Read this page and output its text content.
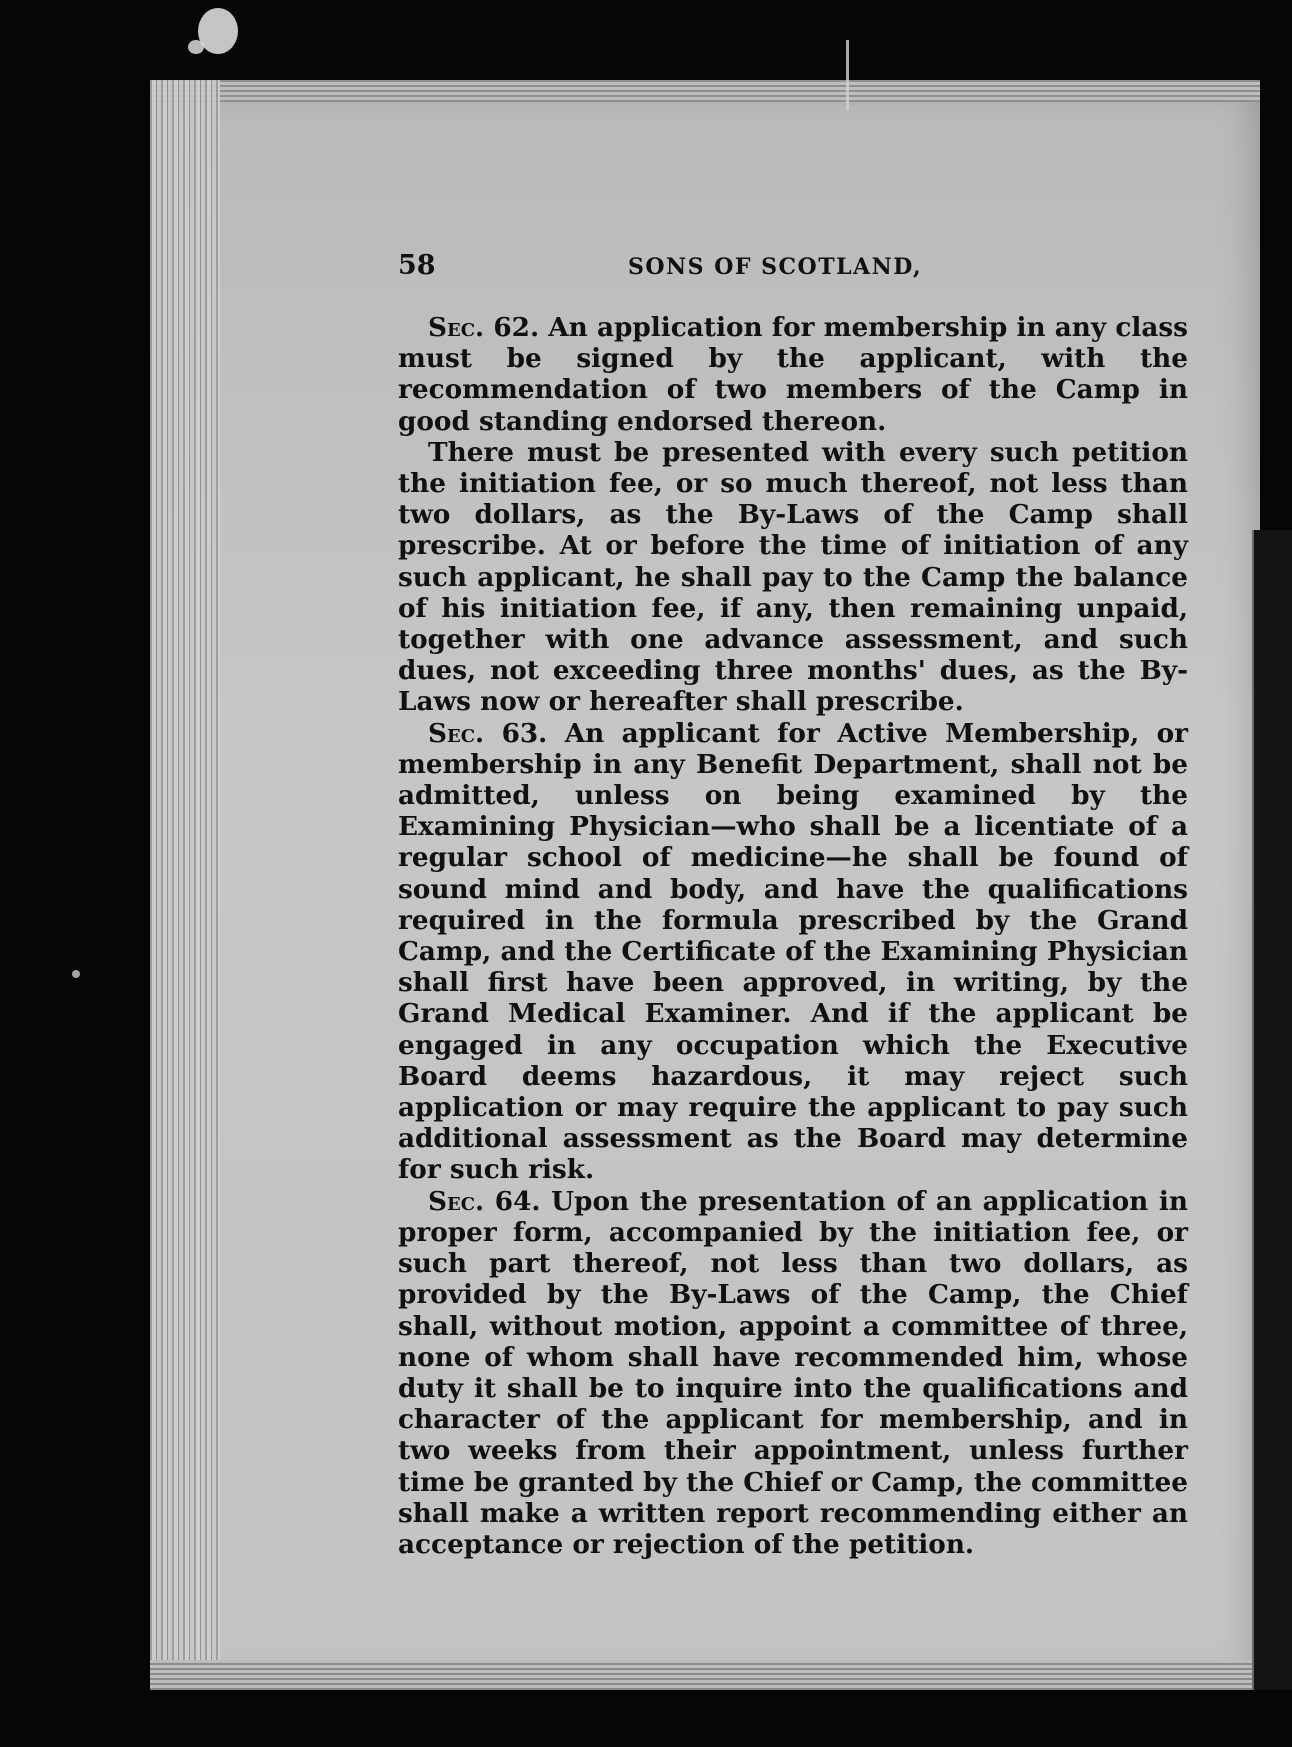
58	SONS OF SCOTLAND,

Sec. 62. An application for membership in any class must be signed by the applicant, with the recommendation of two members of the Camp in good standing endorsed thereon.

There must be presented with every such petition the initiation fee, or so much thereof, not less than two dollars, as the By-Laws of the Camp shall prescribe. At or before the time of initiation of any such applicant, he shall pay to the Camp the balance of his initiation fee, if any, then remaining unpaid, together with one advance assessment, and such dues, not exceeding three months' dues, as the By-Laws now or hereafter shall prescribe.

Sec. 63. An applicant for Active Membership, or membership in any Benefit Department, shall not be admitted, unless on being examined by the Examining Physician—who shall be a licentiate of a regular school of medicine—he shall be found of sound mind and body, and have the qualifications required in the formula prescribed by the Grand Camp, and the Certificate of the Examining Physician shall first have been approved, in writing, by the Grand Medical Examiner. And if the applicant be engaged in any occupation which the Executive Board deems hazardous, it may reject such application or may require the applicant to pay such additional assessment as the Board may determine for such risk.

Sec. 64. Upon the presentation of an application in proper form, accompanied by the initiation fee, or such part thereof, not less than two dollars, as provided by the By-Laws of the Camp, the Chief shall, without motion, appoint a committee of three, none of whom shall have recommended him, whose duty it shall be to inquire into the qualifications and character of the applicant for membership, and in two weeks from their appointment, unless further time be granted by the Chief or Camp, the committee shall make a written report recommending either an acceptance or rejection of the petition.
